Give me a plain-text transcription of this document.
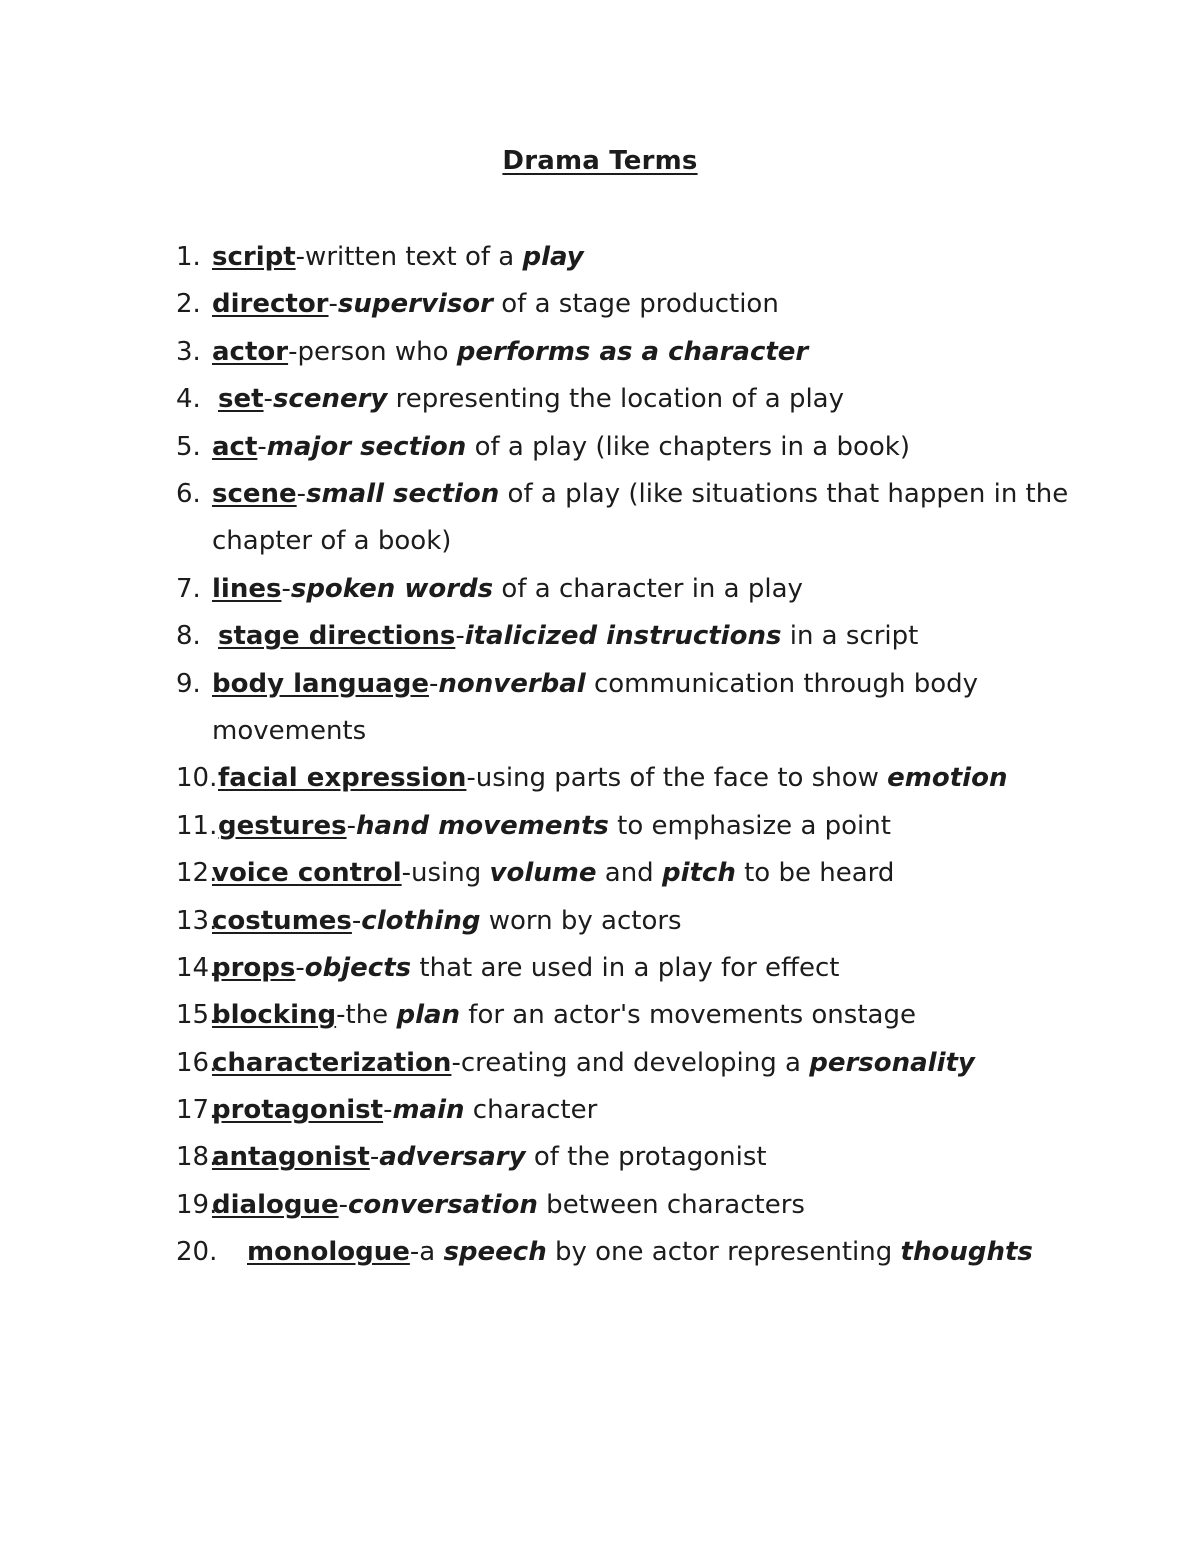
Drama Terms
1. script-written text of a play
2. director-supervisor of a stage production
3. actor-person who performs as a character
4. set-scenery representing the location of a play
5. act-major section of a play (like chapters in a book)
6. scene-small section of a play (like situations that happen in the chapter of a book)
7. lines-spoken words of a character in a play
8. stage directions-italicized instructions in a script
9. body language-nonverbal communication through body movements
10. facial expression-using parts of the face to show emotion
11. gestures-hand movements to emphasize a point
12.
voice control-using volume and pitch to be heard
13.
costumes-clothing worn by actors
14.
props-objects that are used in a play for effect
15.
blocking-the plan for an actor's movements onstage
16.
characterization-creating and developing a personality
17.
protagonist-main character
18.
antagonist-adversary of the protagonist
19.
dialogue-conversation between characters
20. monologue-a speech by one actor representing thoughts
